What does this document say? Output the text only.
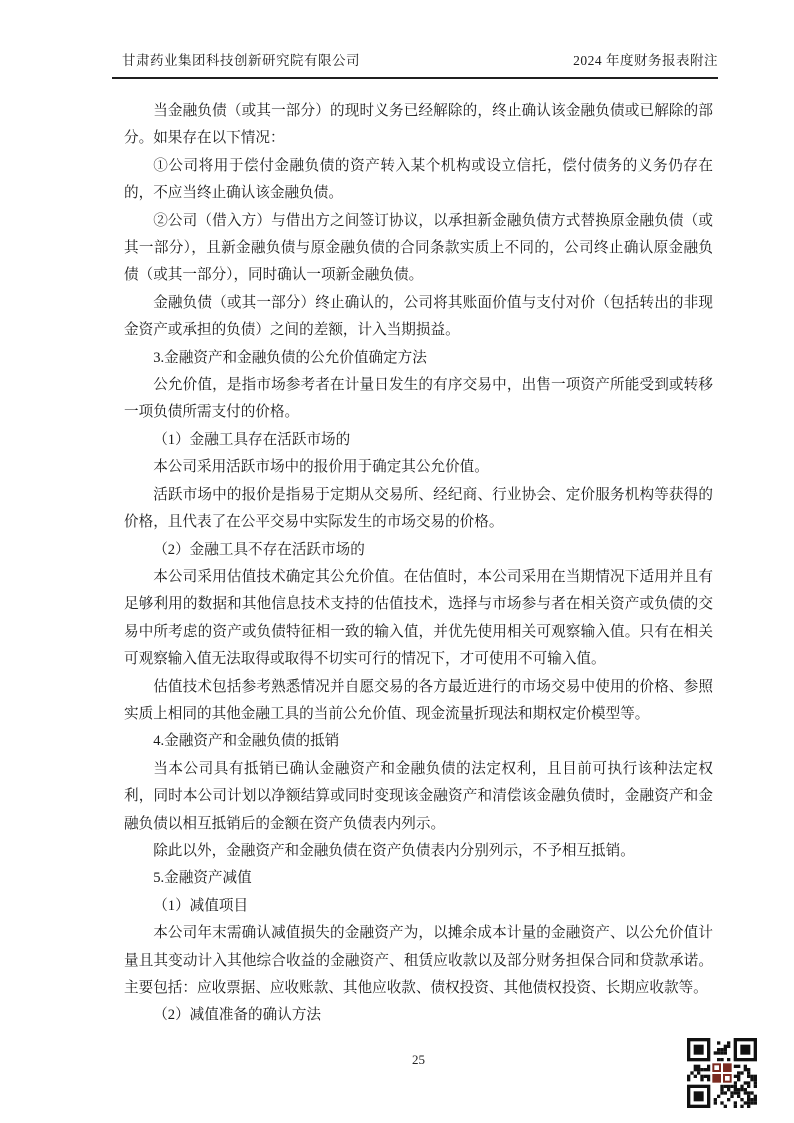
甘肃药业集团科技创新研究院有限公司	2024 年度财务报表附注

当金融负债（或其一部分）的现时义务已经解除的，终止确认该金融负债或已解除的部分。如果存在以下情况：

①公司将用于偿付金融负债的资产转入某个机构或设立信托，偿付债务的义务仍存在的，不应当终止确认该金融负债。

②公司（借入方）与借出方之间签订协议，以承担新金融负债方式替换原金融负债（或其一部分），且新金融负债与原金融负债的合同条款实质上不同的，公司终止确认原金融负债（或其一部分），同时确认一项新金融负债。

金融负债（或其一部分）终止确认的，公司将其账面价值与支付对价（包括转出的非现金资产或承担的负债）之间的差额，计入当期损益。

3.金融资产和金融负债的公允价值确定方法

公允价值，是指市场参考者在计量日发生的有序交易中，出售一项资产所能受到或转移一项负债所需支付的价格。

（1）金融工具存在活跃市场的

本公司采用活跃市场中的报价用于确定其公允价值。

活跃市场中的报价是指易于定期从交易所、经纪商、行业协会、定价服务机构等获得的价格，且代表了在公平交易中实际发生的市场交易的价格。

（2）金融工具不存在活跃市场的

本公司采用估值技术确定其公允价值。在估值时，本公司采用在当期情况下适用并且有足够利用的数据和其他信息技术支持的估值技术，选择与市场参与者在相关资产或负债的交易中所考虑的资产或负债特征相一致的输入值，并优先使用相关可观察输入值。只有在相关可观察输入值无法取得或取得不切实可行的情况下，才可使用不可输入值。

估值技术包括参考熟悉情况并自愿交易的各方最近进行的市场交易中使用的价格、参照实质上相同的其他金融工具的当前公允价值、现金流量折现法和期权定价模型等。

4.金融资产和金融负债的抵销

当本公司具有抵销已确认金融资产和金融负债的法定权利，且目前可执行该种法定权利，同时本公司计划以净额结算或同时变现该金融资产和清偿该金融负债时，金融资产和金融负债以相互抵销后的金额在资产负债表内列示。

除此以外，金融资产和金融负债在资产负债表内分别列示，不予相互抵销。

5.金融资产减值

（1）减值项目

本公司年末需确认减值损失的金融资产为，以摊余成本计量的金融资产、以公允价值计量且其变动计入其他综合收益的金融资产、租赁应收款以及部分财务担保合同和贷款承诺。主要包括：应收票据、应收账款、其他应收款、债权投资、其他债权投资、长期应收款等。

（2）减值准备的确认方法

25
